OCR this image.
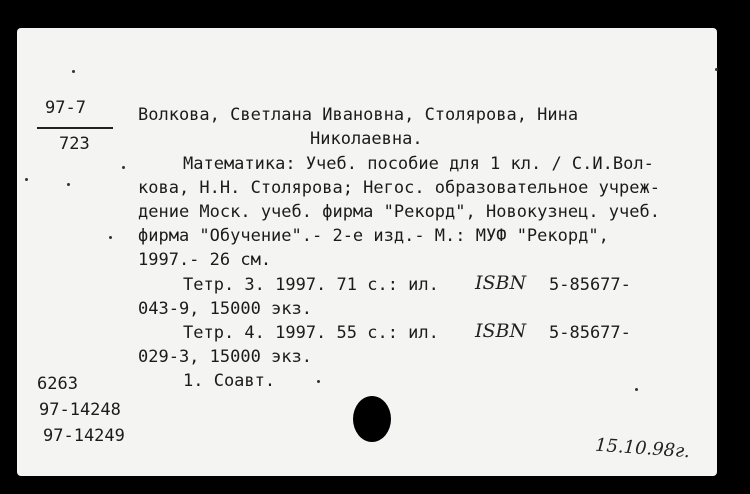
97-7
723
Волкова, Светлана Ивановна, Столярова, Нина
Николаевна.
Математика: Учеб. пособие для 1 кл. / С.И.Вол-
кова, Н.Н. Столярова; Негос. образовательное учреж-
дение Моск. учеб. фирма "Рекорд", Новокузнец. учеб.
фирма "Обучение".- 2-е изд.- М.: МУФ "Рекорд",
1997.- 26 см.
Тетр. 3. 1997. 71 с.: ил. ISBN 5-85677-
043-9, 15000 экз.
Тетр. 4. 1997. 55 с.: ил. ISBN 5-85677-
029-3, 15000 экз.
1. Соавт.
6263
97-14248
97-14249	15.10.98г.
